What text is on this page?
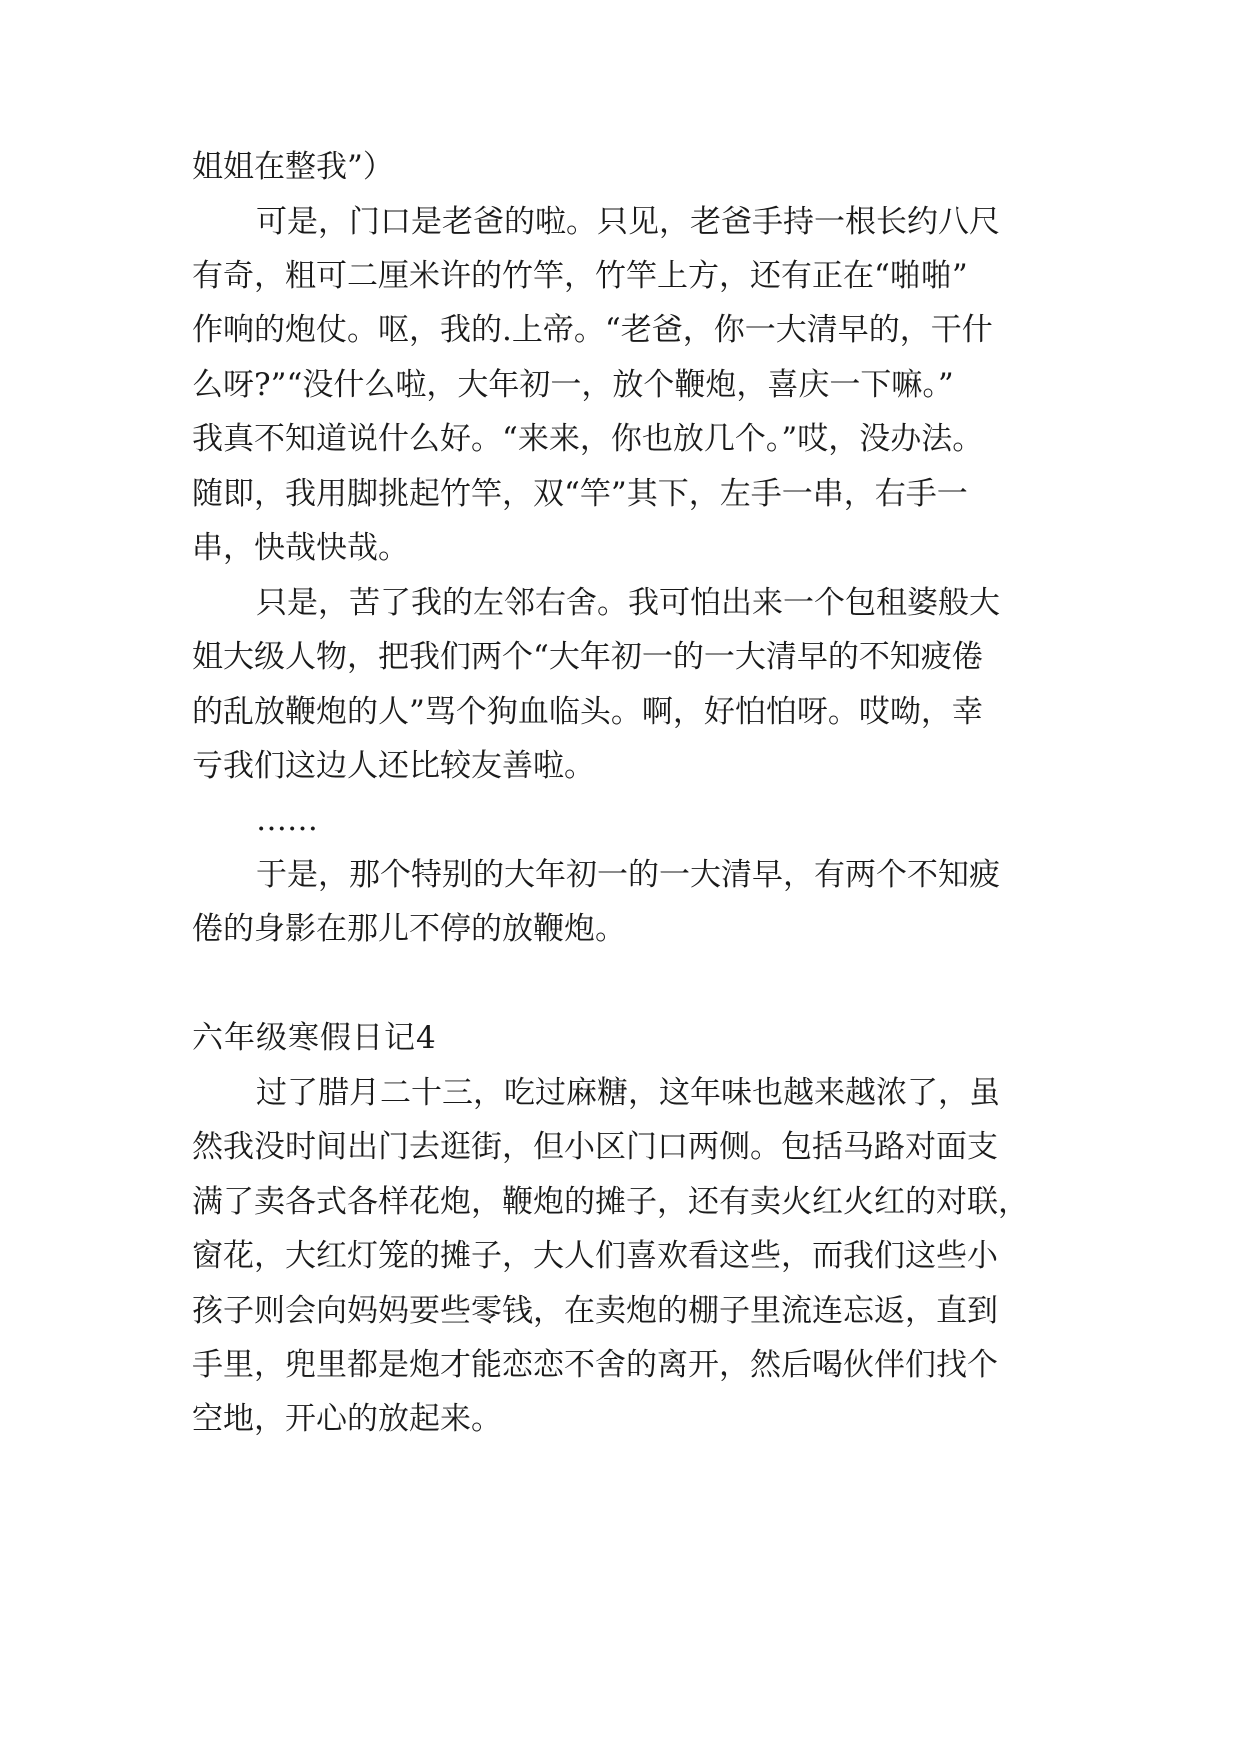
姐姐在整我”）

可是，门口是老爸的啦。只见，老爸手持一根长约八尺

有奇，粗可二厘米许的竹竿，竹竿上方，还有正在“啪啪”

作响的炮仗。呕，我的.上帝。“老爸，你一大清早的，干什

么呀?”“没什么啦，大年初一，放个鞭炮，喜庆一下嘛。”

我真不知道说什么好。“来来，你也放几个。”哎，没办法。

随即，我用脚挑起竹竿，双“竿”其下，左手一串，右手一

串，快哉快哉。

只是，苦了我的左邻右舍。我可怕出来一个包租婆般大

姐大级人物，把我们两个“大年初一的一大清早的不知疲倦

的乱放鞭炮的人”骂个狗血临头。啊，好怕怕呀。哎呦，幸

亏我们这边人还比较友善啦。

……

于是，那个特别的大年初一的一大清早，有两个不知疲

倦的身影在那儿不停的放鞭炮。

六年级寒假日记4

过了腊月二十三，吃过麻糖，这年味也越来越浓了，虽

然我没时间出门去逛街，但小区门口两侧。包括马路对面支

满了卖各式各样花炮，鞭炮的摊子，还有卖火红火红的对联，

窗花，大红灯笼的摊子，大人们喜欢看这些，而我们这些小

孩子则会向妈妈要些零钱，在卖炮的棚子里流连忘返，直到

手里，兜里都是炮才能恋恋不舍的离开，然后喝伙伴们找个

空地，开心的放起来。
